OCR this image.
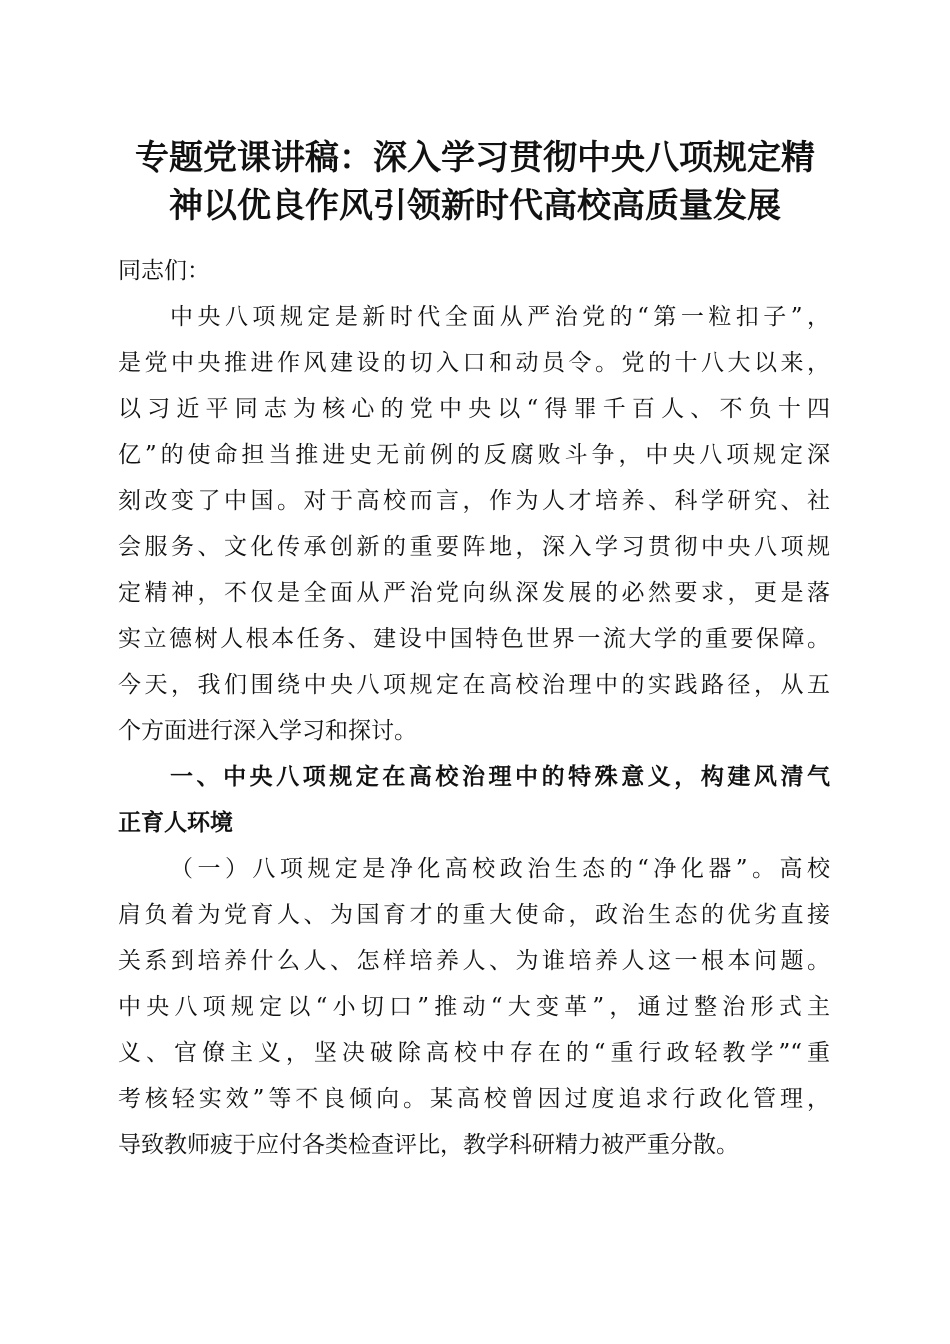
专题党课讲稿：深入学习贯彻中央八项规定精
神以优良作风引领新时代高校高质量发展
同志们：
中央八项规定是新时代全面从严治党的“第一粒扣子”，
是党中央推进作风建设的切入口和动员令。党的十八大以来，
以习近平同志为核心的党中央以“得罪千百人、不负十四
亿”的使命担当推进史无前例的反腐败斗争，中央八项规定深
刻改变了中国。对于高校而言，作为人才培养、科学研究、社
会服务、文化传承创新的重要阵地，深入学习贯彻中央八项规
定精神，不仅是全面从严治党向纵深发展的必然要求，更是落
实立德树人根本任务、建设中国特色世界一流大学的重要保障。
今天，我们围绕中央八项规定在高校治理中的实践路径，从五
个方面进行深入学习和探讨。
一、中央八项规定在高校治理中的特殊意义，构建风清气
正育人环境
（一）八项规定是净化高校政治生态的“净化器”。高校
肩负着为党育人、为国育才的重大使命，政治生态的优劣直接
关系到培养什么人、怎样培养人、为谁培养人这一根本问题。
中央八项规定以“小切口”推动“大变革”，通过整治形式主
义、官僚主义，坚决破除高校中存在的“重行政轻教学”“重
考核轻实效”等不良倾向。某高校曾因过度追求行政化管理，
导致教师疲于应付各类检查评比，教学科研精力被严重分散。
